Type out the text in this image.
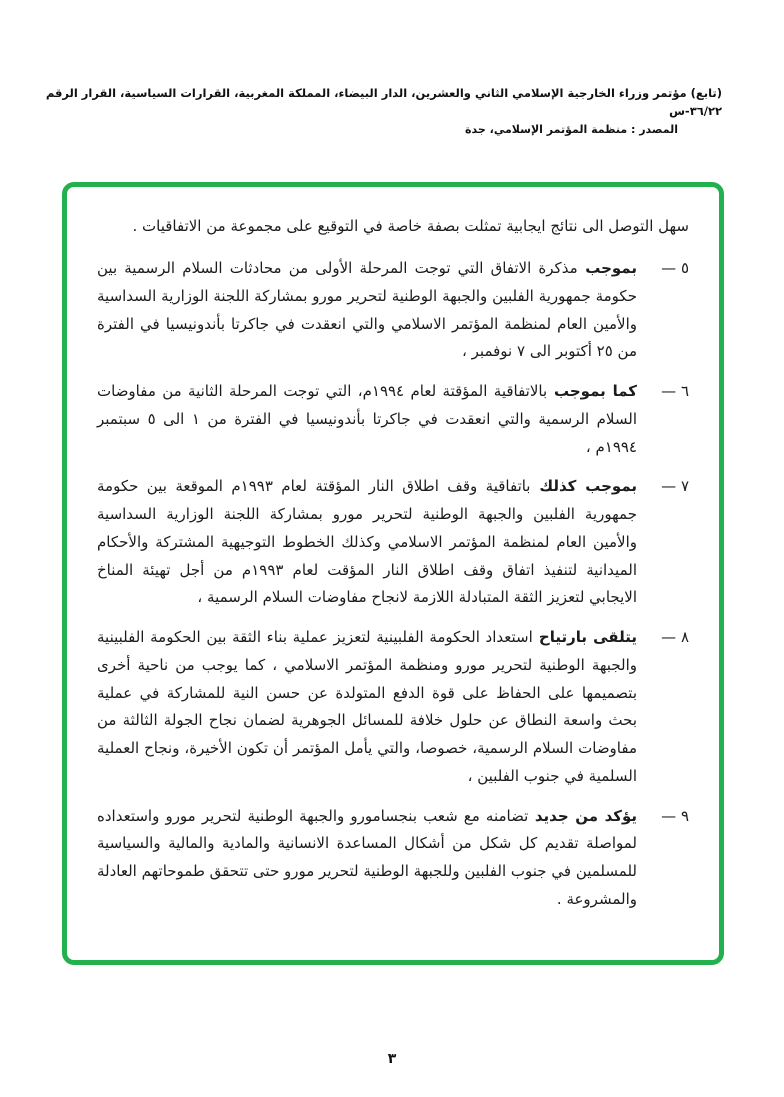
(تابع) مؤتمر وزراء الخارجية الإسلامي الثاني والعشرين، الدار البيضاء، المملكة المغربية، القرارات السياسية، القرار الرقم ٣٦/٢٢-س
المصدر : منظمة المؤتمر الإسلامي، جدة

سهل التوصل الى نتائج ايجابية تمثلت بصفة خاصة في التوقيع على مجموعة من الاتفاقيات .

٥ —
بموجب مذكرة الاتفاق التي توجت المرحلة الأولى من محادثات السلام الرسمية بين حكومة جمهورية الفلبين والجبهة الوطنية لتحرير مورو بمشاركة اللجنة الوزارية السداسية والأمين العام لمنظمة المؤتمر الاسلامي والتي انعقدت في جاكرتا بأندونيسيا في الفترة من ٢٥ أكتوبر الى ٧ نوفمبر ،
٦ —
كما بموجب بالاتفاقية المؤقتة لعام ١٩٩٤م، التي توجت المرحلة الثانية من مفاوضات السلام الرسمية والتي انعقدت في جاكرتا بأندونيسيا في الفترة من ١ الى ٥ سبتمبر ١٩٩٤م ،
٧ —
بموجب كذلك باتفاقية وقف اطلاق النار المؤقتة لعام ١٩٩٣م الموقعة بين حكومة جمهورية الفلبين والجبهة الوطنية لتحرير مورو بمشاركة اللجنة الوزارية السداسية والأمين العام لمنظمة المؤتمر الاسلامي وكذلك الخطوط التوجيهية المشتركة والأحكام الميدانية لتنفيذ اتفاق وقف اطلاق النار المؤقت لعام ١٩٩٣م من أجل تهيئة المناخ الايجابي لتعزيز الثقة المتبادلة اللازمة لانجاح مفاوضات السلام الرسمية ،
٨ —
يتلقى بارتياح استعداد الحكومة الفلبينية لتعزيز عملية بناء الثقة بين الحكومة الفلبينية والجبهة الوطنية لتحرير مورو ومنظمة المؤتمر الاسلامي ، كما يوجب من ناحية أخرى بتصميمها على الحفاظ على قوة الدفع المتولدة عن حسن النية للمشاركة في عملية بحث واسعة النطاق عن حلول خلافة للمسائل الجوهرية لضمان نجاح الجولة الثالثة من مفاوضات السلام الرسمية، خصوصا، والتي يأمل المؤتمر أن تكون الأخيرة، ونجاح العملية السلمية في جنوب الفلبين ،
٩ —
يؤكد من جديد تضامنه مع شعب بنجسامورو والجبهة الوطنية لتحرير مورو واستعداده لمواصلة تقديم كل شكل من أشكال المساعدة الانسانية والمادية والمالية والسياسية للمسلمين في جنوب الفلبين وللجبهة الوطنية لتحرير مورو حتى تتحقق طموحاتهم العادلة والمشروعة .
٣
